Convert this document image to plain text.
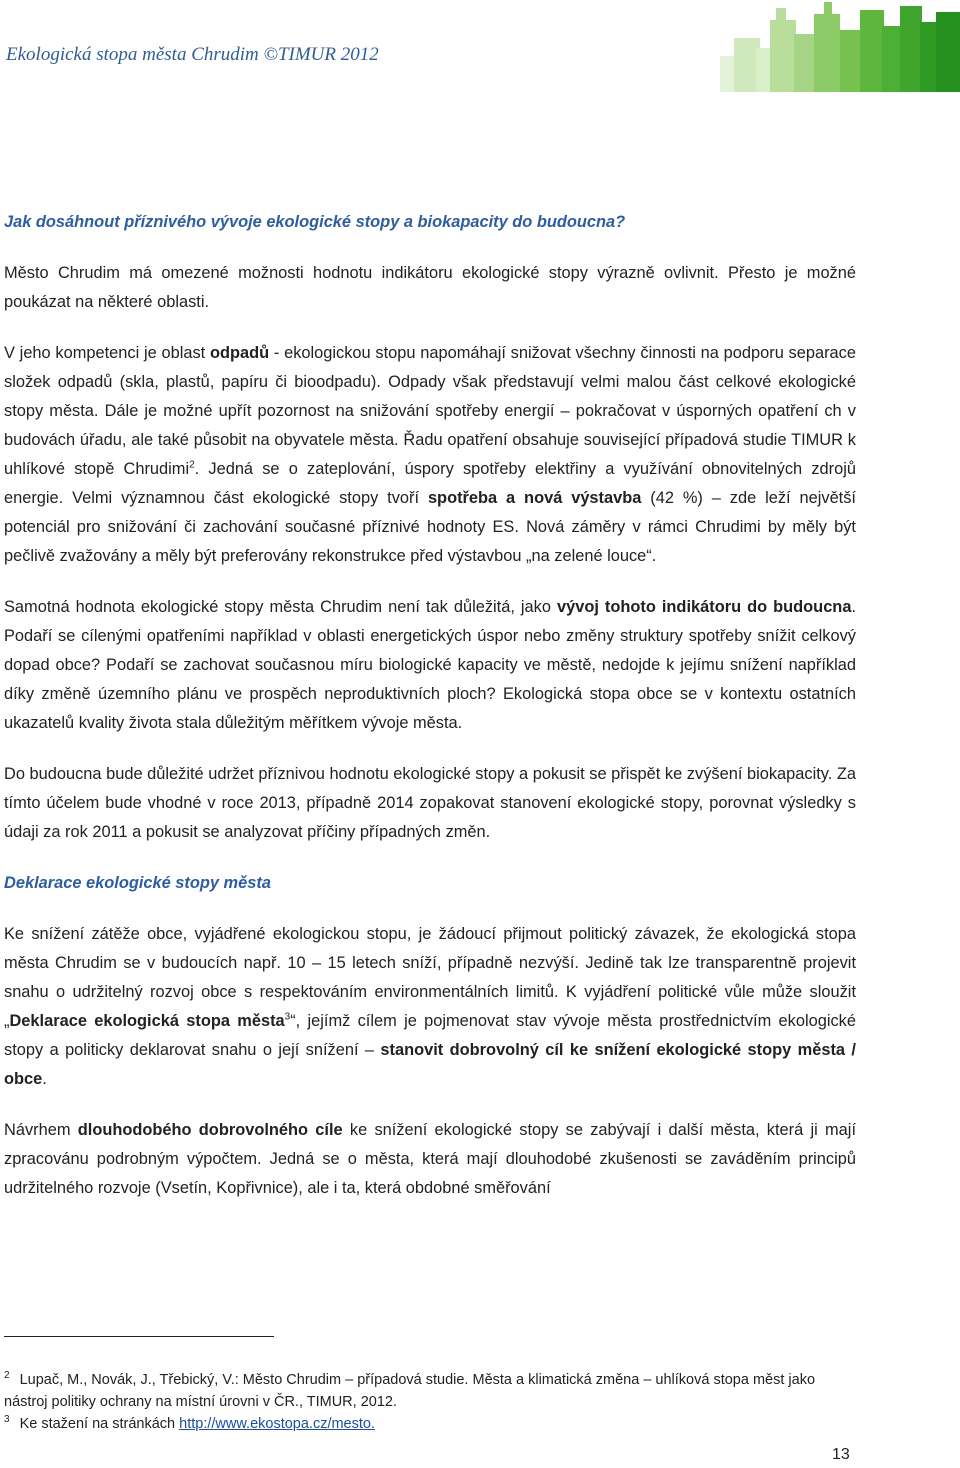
Ekologická stopa města Chrudim ©TIMUR 2012

Jak dosáhnout příznivého vývoje ekologické stopy a biokapacity do budoucna?

Město Chrudim má omezené možnosti hodnotu indikátoru ekologické stopy výrazně ovlivnit. Přesto je možné poukázat na některé oblasti.

V jeho kompetenci je oblast odpadů - ekologickou stopu napomáhají snižovat všechny činnosti na podporu separace složek odpadů (skla, plastů, papíru či bioodpadu). Odpady však představují velmi malou část celkové ekologické stopy města. Dále je možné upřít pozornost na snižování spotřeby energií – pokračovat v úsporných opatření ch v budovách úřadu, ale také působit na obyvatele města. Řadu opatření obsahuje související případová studie TIMUR k uhlíkové stopě Chrudimi$^2$. Jedná se o zateplování, úspory spotřeby elektřiny a využívání obnovitelných zdrojů energie. Velmi významnou část ekologické stopy tvoří spotřeba a nová výstavba (42 %) – zde leží největší potenciál pro snižování či zachování současné příznivé hodnoty ES. Nová záměry v rámci Chrudimi by měly být pečlivě zvažovány a měly být preferovány rekonstrukce před výstavbou „na zelené louce“.

Samotná hodnota ekologické stopy města Chrudim není tak důležitá, jako vývoj tohoto indikátoru do budoucna. Podaří se cílenými opatřeními například v oblasti energetických úspor nebo změny struktury spotřeby snížit celkový dopad obce? Podaří se zachovat současnou míru biologické kapacity ve městě, nedojde k jejímu snížení například díky změně územního plánu ve prospěch neproduktivních ploch? Ekologická stopa obce se v kontextu ostatních ukazatelů kvality života stala důležitým měřítkem vývoje města.

Do budoucna bude důležité udržet příznivou hodnotu ekologické stopy a pokusit se přispět ke zvýšení biokapacity. Za tímto účelem bude vhodné v roce 2013, případně 2014 zopakovat stanovení ekologické stopy, porovnat výsledky s údaji za rok 2011 a pokusit se analyzovat příčiny případných změn.

Deklarace ekologické stopy města

Ke snížení zátěže obce, vyjádřené ekologickou stopu, je žádoucí přijmout politický závazek, že ekologická stopa města Chrudim se v budoucích např. 10 – 15 letech sníží, případně nezvýší. Jedině tak lze transparentně projevit snahu o udržitelný rozvoj obce s respektováním environmentálních limitů. K vyjádření politické vůle může sloužit „Deklarace ekologická stopa města$^3$“, jejímž cílem je pojmenovat stav vývoje města prostřednictvím ekologické stopy a politicky deklarovat snahu o její snížení – stanovit dobrovolný cíl ke snížení ekologické stopy města / obce.

Návrhem dlouhodobého dobrovolného cíle ke snížení ekologické stopy se zabývají i další města, která ji mají zpracovánu podrobným výpočtem. Jedná se o města, která mají dlouhodobé zkušenosti se zaváděním principů udržitelného rozvoje (Vsetín, Kopřivnice), ale i ta, která obdobné směřování

$^2$ Lupač, M., Novák, J., Třebický, V.: Město Chrudim – případová studie. Města a klimatická změna – uhlíková stopa měst jako nástroj politiky ochrany na místní úrovni v ČR., TIMUR, 2012.

$^3$ Ke stažení na stránkách http://www.ekostopa.cz/mesto.

13
